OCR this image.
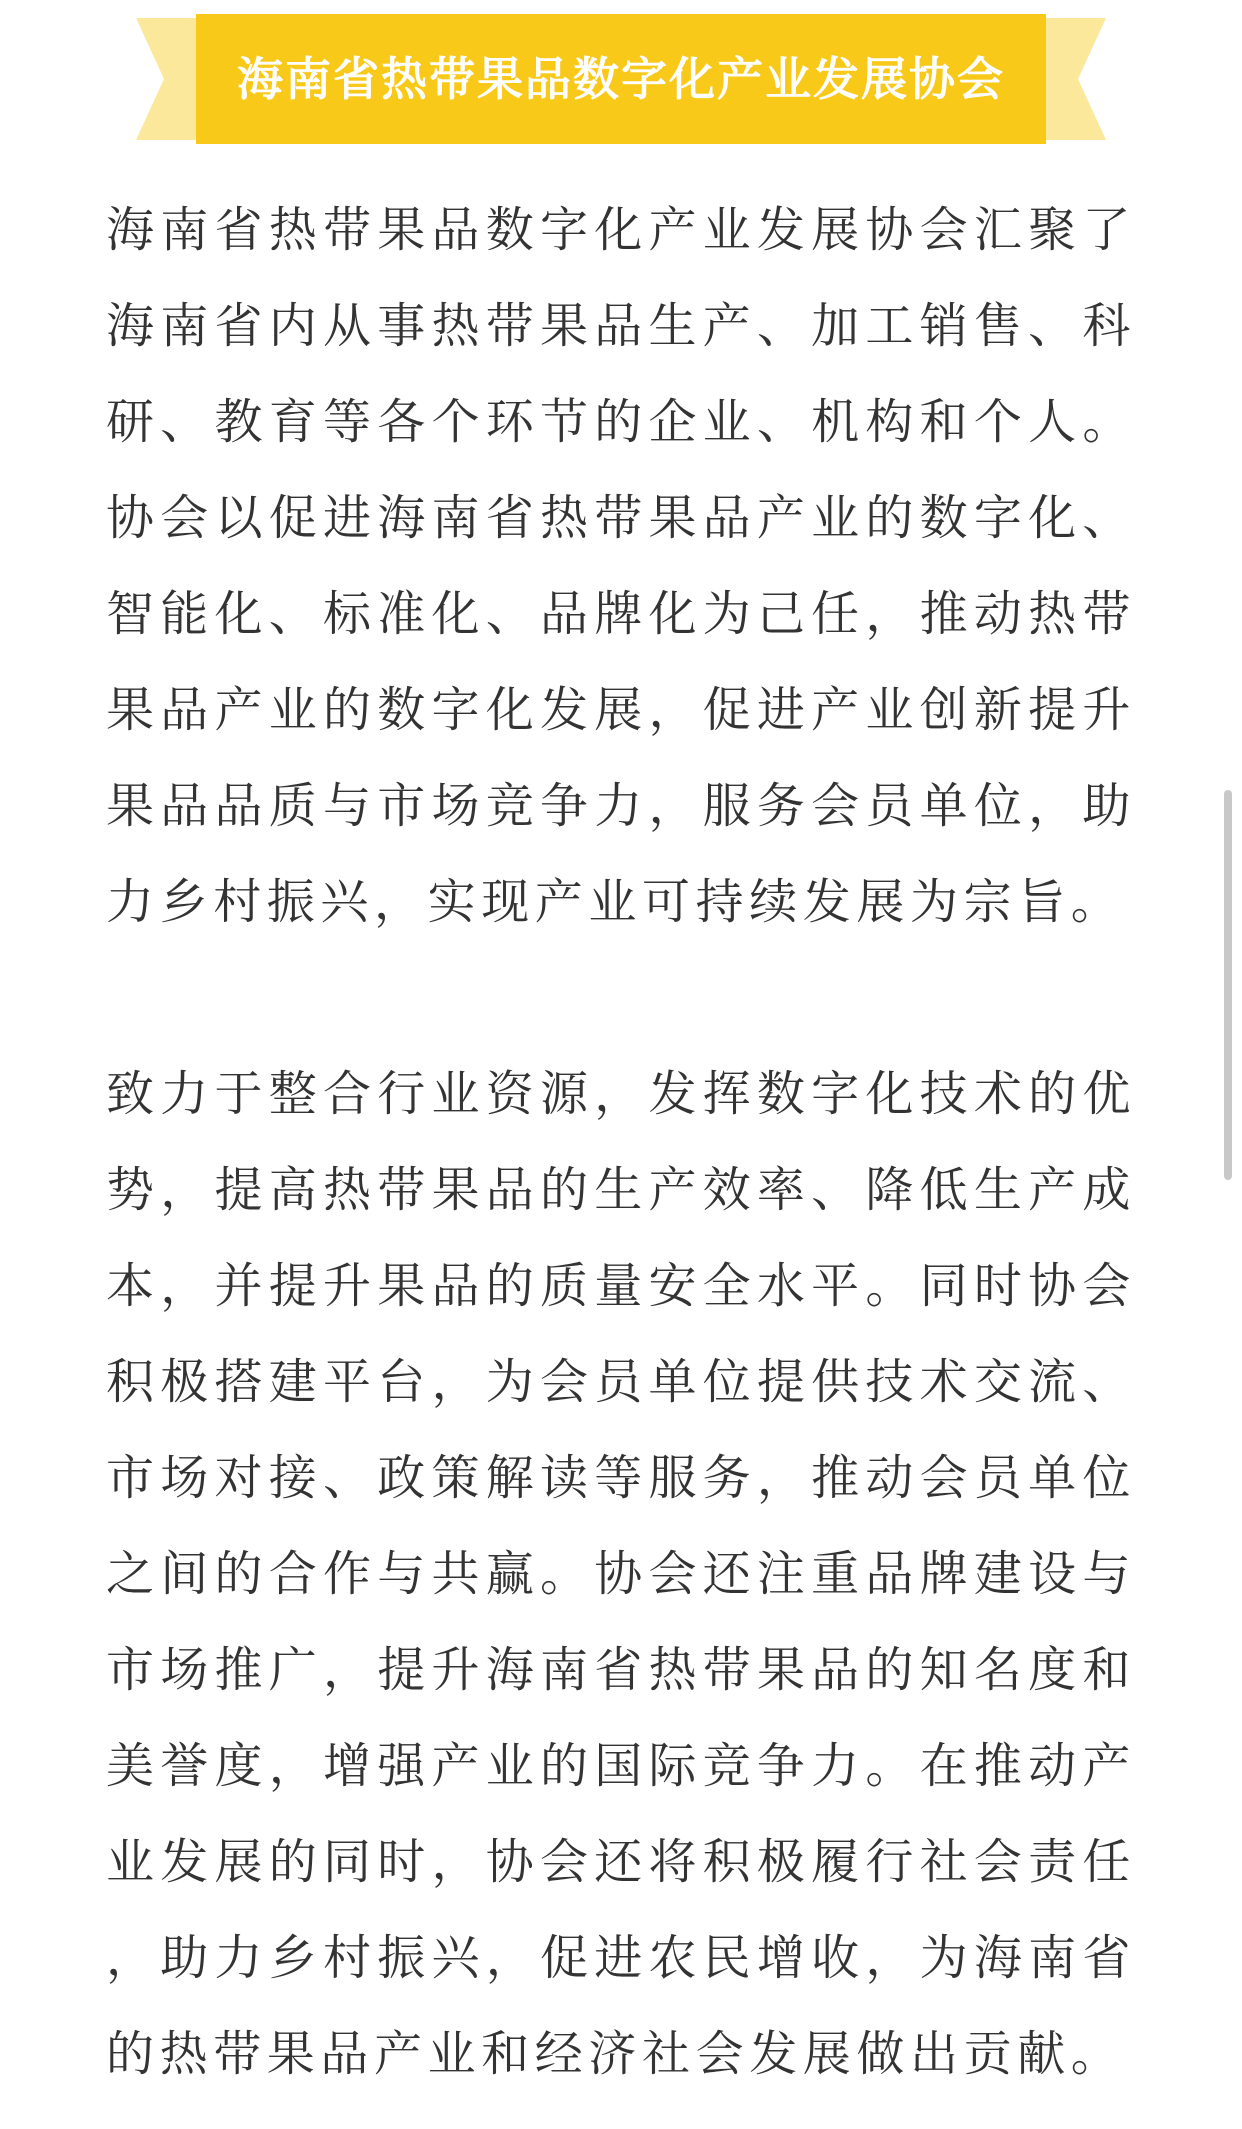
海南省热带果品数字化产业发展协会

海南省热带果品数字化产业发展协会汇聚了海南省内从事热带果品生产、加工销售、科研、教育等各个环节的企业、机构和个人。协会以促进海南省热带果品产业的数字化、智能化、标准化、品牌化为己任，推动热带果品产业的数字化发展，促进产业创新提升果品品质与市场竞争力，服务会员单位，助力乡村振兴，实现产业可持续发展为宗旨。

致力于整合行业资源，发挥数字化技术的优势，提高热带果品的生产效率、降低生产成本，并提升果品的质量安全水平。同时协会积极搭建平台，为会员单位提供技术交流、市场对接、政策解读等服务，推动会员单位之间的合作与共赢。协会还注重品牌建设与市场推广，提升海南省热带果品的知名度和美誉度，增强产业的国际竞争力。在推动产业发展的同时，协会还将积极履行社会责任，助力乡村振兴，促进农民增收，为海南省的热带果品产业和经济社会发展做出贡献。
